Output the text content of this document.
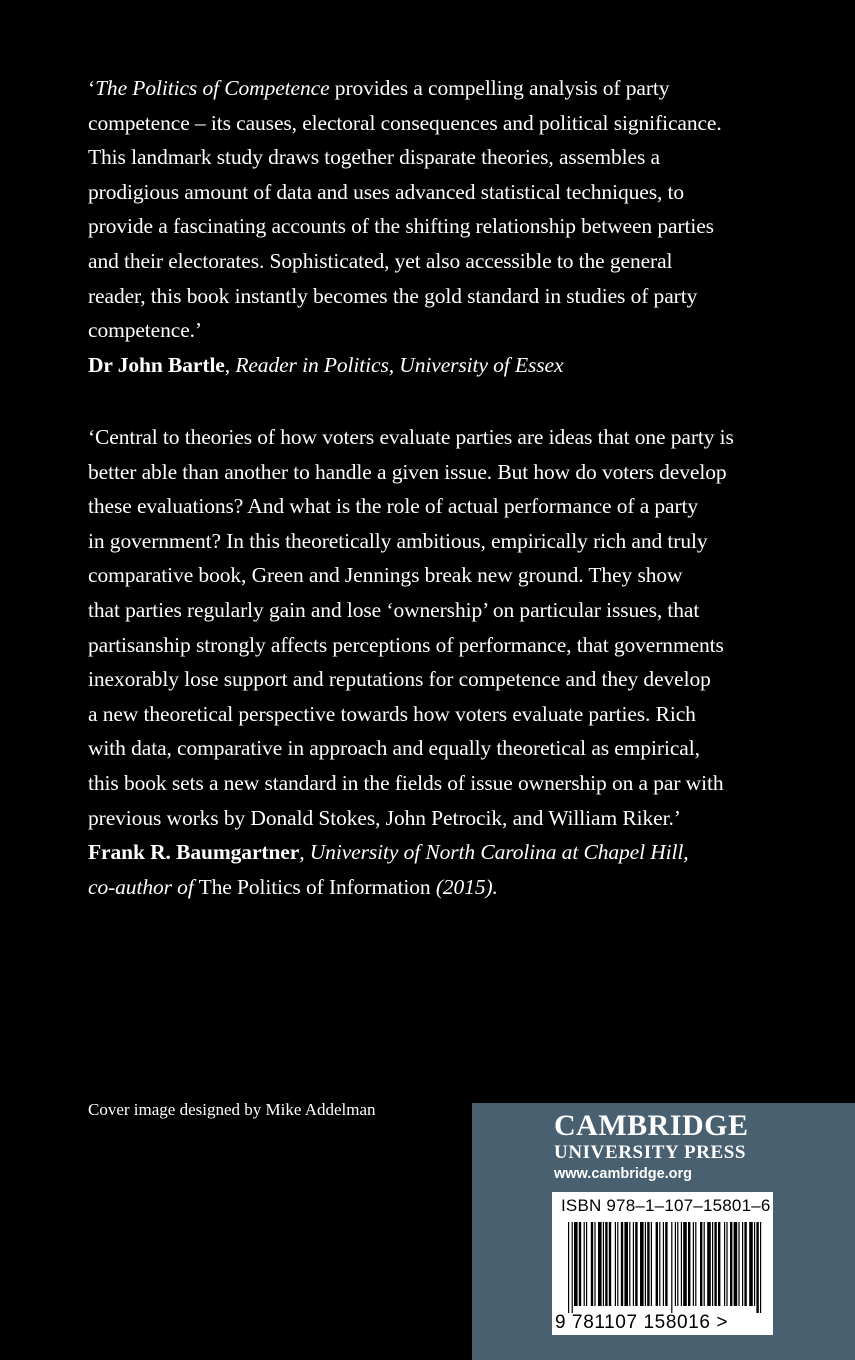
‘The Politics of Competence provides a compelling analysis of party
competence – its causes, electoral consequences and political significance.
This landmark study draws together disparate theories, assembles a
prodigious amount of data and uses advanced statistical techniques, to
provide a fascinating accounts of the shifting relationship between parties
and their electorates. Sophisticated, yet also accessible to the general
reader, this book instantly becomes the gold standard in studies of party
competence.’
Dr John Bartle, Reader in Politics, University of Essex

‘Central to theories of how voters evaluate parties are ideas that one party is
better able than another to handle a given issue. But how do voters develop
these evaluations? And what is the role of actual performance of a party
in government? In this theoretically ambitious, empirically rich and truly
comparative book, Green and Jennings break new ground. They show
that parties regularly gain and lose ‘ownership’ on particular issues, that
partisanship strongly affects perceptions of performance, that governments
inexorably lose support and reputations for competence and they develop
a new theoretical perspective towards how voters evaluate parties. Rich
with data, comparative in approach and equally theoretical as empirical,
this book sets a new standard in the fields of issue ownership on a par with
previous works by Donald Stokes, John Petrocik, and William Riker.’
Frank R. Baumgartner, University of North Carolina at Chapel Hill,
co-author of The Politics of Information (2015).

Cover image designed by Mike Addelman	CAMBRIDGE
UNIVERSITY PRESS
www.cambridge.org
ISBN 978–1–107–15801–6
9 781107 158016 >
